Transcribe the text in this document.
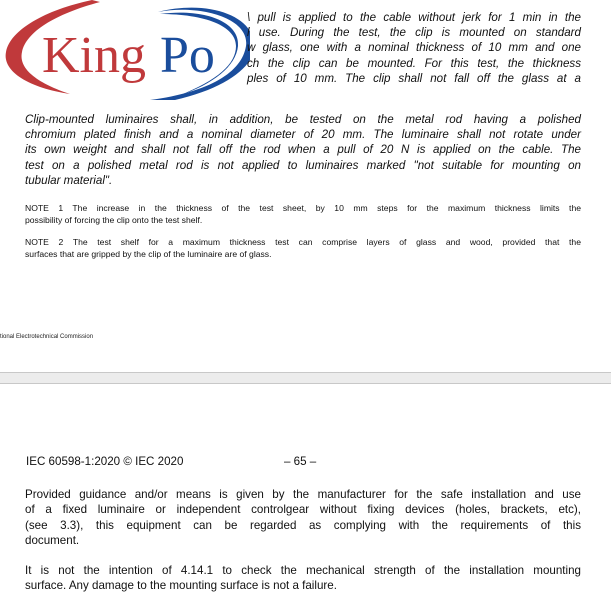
King Po
\ pull is applied to the cable without jerk for 1 min in the
l use. During the test, the clip is mounted on standard
w glass, one with a nominal thickness of 10 mm and one
ch the clip can be mounted. For this test, the thickness
ples of 10 mm. The clip shall not fall off the glass at a
Clip-mounted luminaires shall, in addition, be tested on the metal rod having a polished
chromium plated finish and a nominal diameter of 20 mm. The luminaire shall not rotate under
its own weight and shall not fall off the rod when a pull of 20 N is applied on the cable. The
test on a polished metal rod is not applied to luminaires marked "not suitable for mounting on
tubular material".
NOTE 1 The increase in the thickness of the test sheet, by 10 mm steps for the maximum thickness limits the
possibility of forcing the clip onto the test shelf.
NOTE 2 The test shelf for a maximum thickness test can comprise layers of glass and wood, provided that the
surfaces that are gripped by the clip of the luminaire are of glass.
tional Electrotechnical Commission
IEC 60598-1:2020 © IEC 2020	– 65 –
Provided guidance and/or means is given by the manufacturer for the safe installation and use
of a fixed luminaire or independent controlgear without fixing devices (holes, brackets, etc),
(see 3.3), this equipment can be regarded as complying with the requirements of this
document.
It is not the intention of 4.14.1 to check the mechanical strength of the installation mounting
surface. Any damage to the mounting surface is not a failure.
